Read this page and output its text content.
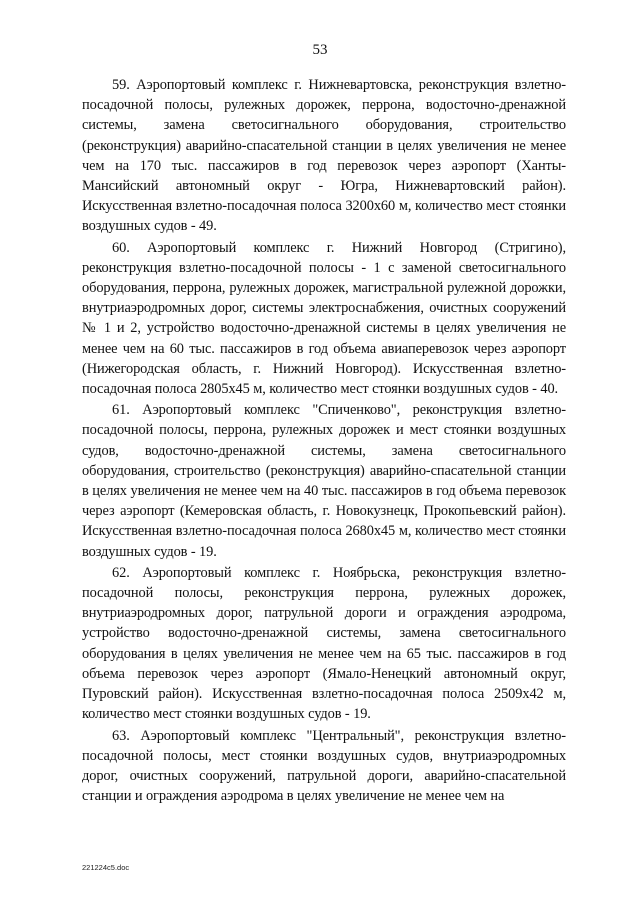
53

59. Аэропортовый комплекс г. Нижневартовска, реконструкция взлетно-посадочной полосы, рулежных дорожек, перрона, водосточно-дренажной системы, замена светосигнального оборудования, строительство (реконструкция) аварийно-спасательной станции в целях увеличения не менее чем на 170 тыс. пассажиров в год перевозок через аэропорт (Ханты-Мансийский автономный округ - Югра, Нижневартовский район). Искусственная взлетно-посадочная полоса 3200х60 м, количество мест стоянки воздушных судов - 49.

60. Аэропортовый комплекс г. Нижний Новгород (Стригино), реконструкция взлетно-посадочной полосы - 1 с заменой светосигнального оборудования, перрона, рулежных дорожек, магистральной рулежной дорожки, внутриаэродромных дорог, системы электроснабжения, очистных сооружений № 1 и 2, устройство водосточно-дренажной системы в целях увеличения не менее чем на 60 тыс. пассажиров в год объема авиаперевозок через аэропорт (Нижегородская область, г. Нижний Новгород). Искусственная взлетно-посадочная полоса 2805х45 м, количество мест стоянки воздушных судов - 40.

61. Аэропортовый комплекс "Спиченково", реконструкция взлетно-посадочной полосы, перрона, рулежных дорожек и мест стоянки воздушных судов, водосточно-дренажной системы, замена светосигнального оборудования, строительство (реконструкция) аварийно-спасательной станции в целях увеличения не менее чем на 40 тыс. пассажиров в год объема перевозок через аэропорт (Кемеровская область, г. Новокузнецк, Прокопьевский район). Искусственная взлетно-посадочная полоса 2680х45 м, количество мест стоянки воздушных судов - 19.

62. Аэропортовый комплекс г. Ноябрьска, реконструкция взлетно-посадочной полосы, реконструкция перрона, рулежных дорожек, внутриаэродромных дорог, патрульной дороги и ограждения аэродрома, устройство водосточно-дренажной системы, замена светосигнального оборудования в целях увеличения не менее чем на 65 тыс. пассажиров в год объема перевозок через аэропорт (Ямало-Ненецкий автономный округ, Пуровский район). Искусственная взлетно-посадочная полоса 2509х42 м, количество мест стоянки воздушных судов - 19.

63. Аэропортовый комплекс "Центральный", реконструкция взлетно-посадочной полосы, мест стоянки воздушных судов, внутриаэродромных дорог, очистных сооружений, патрульной дороги, аварийно-спасательной станции и ограждения аэродрома в целях увеличение не менее чем на

221224c5.doc
